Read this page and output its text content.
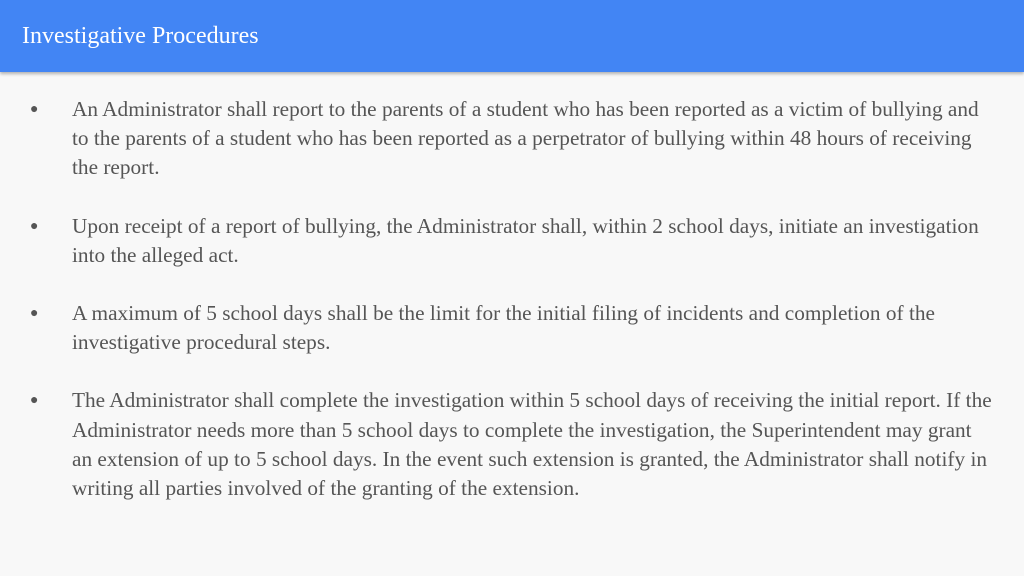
Investigative Procedures
● An Administrator shall report to the parents of a student who has been reported as a victim of bullying and to the parents of a student who has been reported as a perpetrator of bullying within 48 hours of receiving the report.
● Upon receipt of a report of bullying, the Administrator shall, within 2 school days, initiate an investigation into the alleged act.
● A maximum of 5 school days shall be the limit for the initial filing of incidents and completion of the investigative procedural steps.
● The Administrator shall complete the investigation within 5 school days of receiving the initial report. If the Administrator needs more than 5 school days to complete the investigation, the Superintendent may grant an extension of up to 5 school days. In the event such extension is granted, the Administrator shall notify in writing all parties involved of the granting of the extension.
